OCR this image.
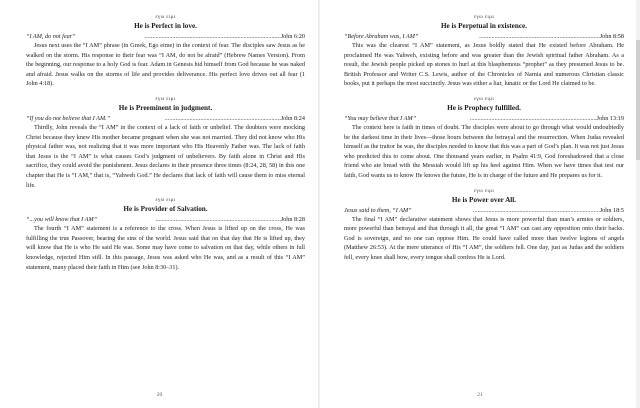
εγω ειμι
He is Perfect in love.
“I AM, do not fear”	........................................................................................John 6:20

Jesus next uses the “I AM” phrase (in Greek, Ego eime) in the context of fear. The disciples saw Jesus as he walked on the storm. His response to their fear was “I AM, do not be afraid” (Hebrew Names Version). From the beginning, our response to a holy God is fear. Adam in Genesis hid himself from God because he was naked and afraid. Jesus walks on the storms of life and provides deliverance. His perfect love drives out all fear (1 John 4:18).

εγω ειμι
He is Preeminent in judgment.
“If you do not believe that I AM.”	...........................................................................John 8:24

Thirdly, John reveals the “I AM” in the context of a lack of faith or unbelief. The doubters were mocking Christ because they knew His mother became pregnant when she was not married. They did not know who His physical father was, not realizing that it was more important who His Heavenly Father was. The lack of faith that Jesus is the “I AM” is what causes God’s judgment of unbelievers. By faith alone in Christ and His sacrifice, they could avoid the punishment. Jesus declares in their presence three times (8:24, 28, 58) in this one chapter that He is “I AM,” that is, “Yahweh God.” He declares that lack of faith will cause them to miss eternal life.

εγω ειμι
He is Provider of Salvation.
“...you will know that I AM”	.................................................................................John 8:28

The fourth “I AM” statement is a reference to the cross. When Jesus is lifted up on the cross, He was fulfilling the true Passover, bearing the sins of the world. Jesus said that on that day that He is lifted up, they will know that He is who He said He was. Some may have come to salvation on that day, while others in full knowledge, rejected Him still. In this passage, Jesus was asked who He was, and as a result of this “I AM” statement, many placed their faith in Him (see John 8:30–31).

20
εγω ειμι
He is Perpetual in existence.
“Before Abraham was, I AM”	..............................................................................John 8:58

This was the clearest “I AM” statement, as Jesus boldly stated that He existed before Abraham. He proclaimed He was Yahweh, existing before and was greater than the Jewish spiritual father Abraham. As a result, the Jewish people picked up stones to hurl at this blasphemous “prophet” as they presumed Jesus to be. British Professor and Writer C.S. Lewis, author of the Chronicles of Narnia and numerous Christian classic books, put it perhaps the most succinctly. Jesus was either a liar, lunatic or the Lord He claimed to be.

εγω ειμι
He is Prophecy fulfilled.
“You may believe that I AM”	..................................................................................John 13:19

The context here is faith in times of doubt. The disciples were about to go through what would undoubtedly be the darkest time in their lives—those hours between the betrayal and the resurrection. When Judas revealed himself as the traitor he was, the disciples needed to know that this was a part of God’s plan. It was not just Jesus who predicted this to come about. One thousand years earlier, in Psalm 41:9, God foreshadowed that a close friend who ate bread with the Messiah would lift up his heel against Him. When we have times that test our faith, God wants us to know He knows the future, He is in charge of the future and He prepares us for it.

εγω ειμι
He is Power over All.
Jesus said to them, “I AM”	..................................................................................John 18:5

The final “I AM” declarative statement shows that Jesus is more powerful than man’s armies or soldiers, more powerful than betrayal and that through it all, the great “I AM” can cast any opposition onto their backs. God is sovereign, and no one can oppose Him. He could have called more than twelve legions of angels (Matthew 26:53). At the mere utterance of His “I AM”, the soldiers fell. One day, just as Judas and the soldiers fell, every knee shall bow, every tongue shall confess He is Lord.

21
